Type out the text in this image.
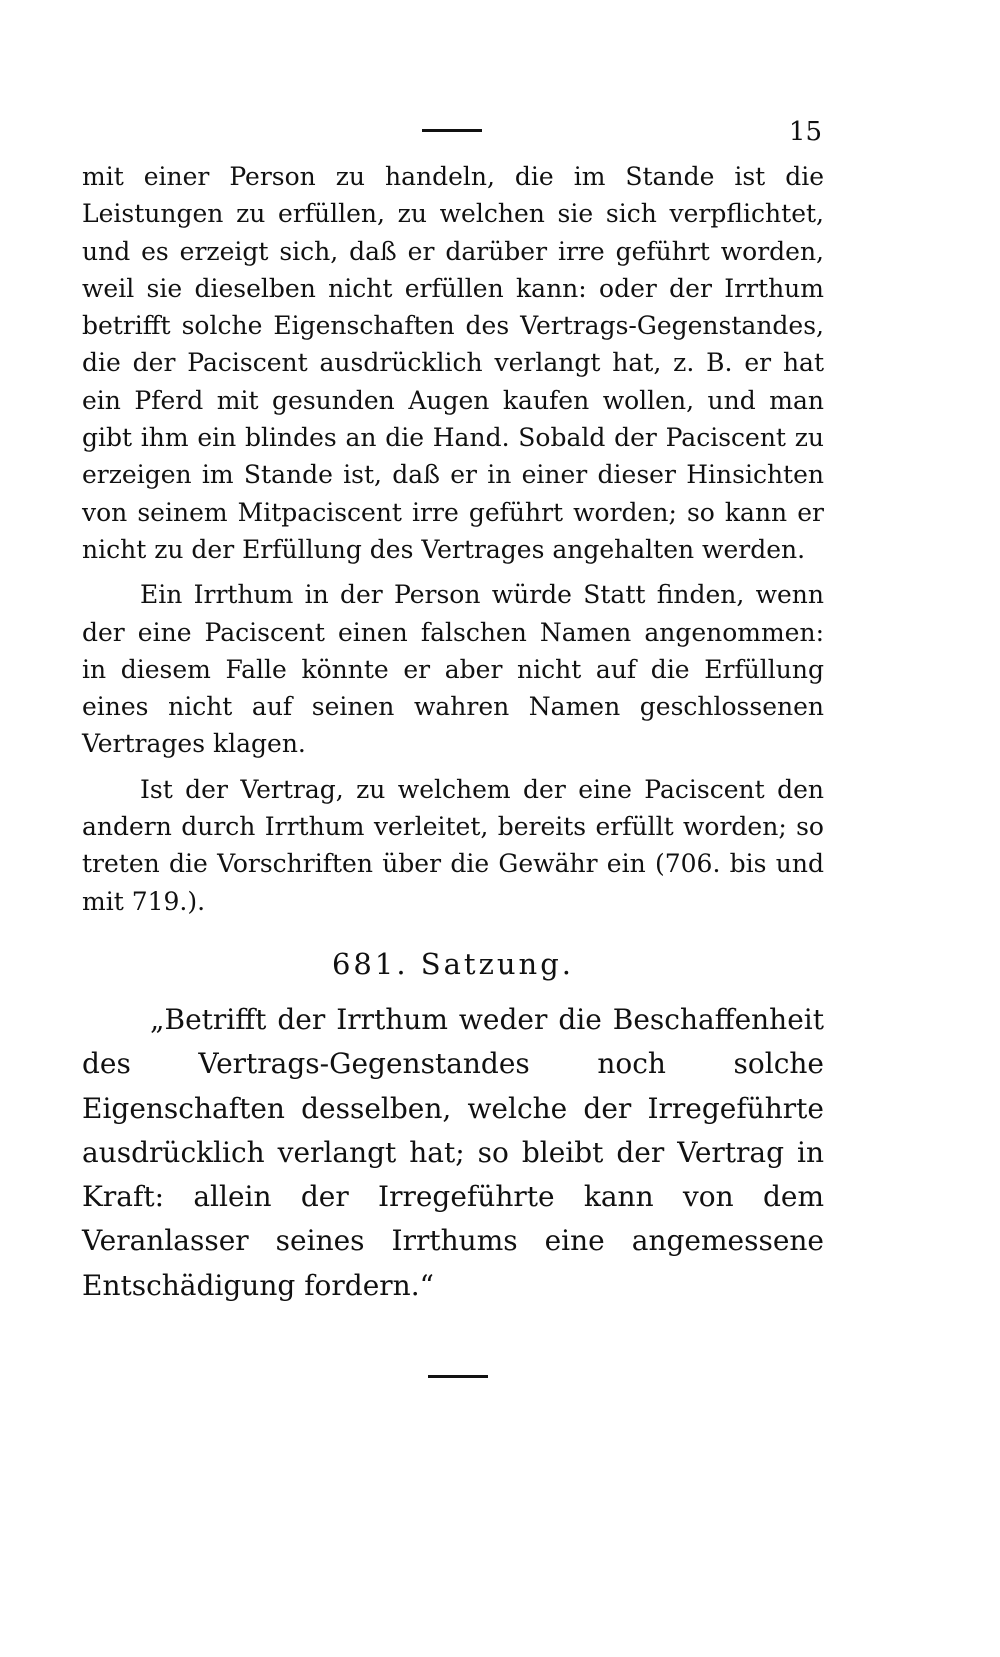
15

mit einer Person zu handeln, die im Stande ist die Leistungen zu erfüllen, zu welchen sie sich verpflichtet, und es erzeigt sich, daß er darüber irre geführt worden, weil sie dieselben nicht erfüllen kann: oder der Irrthum betrifft solche Eigenschaften des Vertrags-Gegenstandes, die der Paciscent ausdrücklich verlangt hat, z. B. er hat ein Pferd mit gesunden Augen kaufen wollen, und man gibt ihm ein blindes an die Hand. Sobald der Paciscent zu erzeigen im Stande ist, daß er in einer dieser Hinsichten von seinem Mitpaciscent irre geführt worden; so kann er nicht zu der Erfüllung des Vertrages angehalten werden.

Ein Irrthum in der Person würde Statt finden, wenn der eine Paciscent einen falschen Namen angenommen: in diesem Falle könnte er aber nicht auf die Erfüllung eines nicht auf seinen wahren Namen geschlossenen Vertrages klagen.

Ist der Vertrag, zu welchem der eine Paciscent den andern durch Irrthum verleitet, bereits erfüllt worden; so treten die Vorschriften über die Gewähr ein (706. bis und mit 719.).

681. Satzung.

„Betrifft der Irrthum weder die Beschaffenheit des Vertrags-Gegenstandes noch solche Eigenschaften desselben, welche der Irregeführte ausdrücklich verlangt hat; so bleibt der Vertrag in Kraft: allein der Irregeführte kann von dem Veranlasser seines Irrthums eine angemessene Entschädigung fordern.“
